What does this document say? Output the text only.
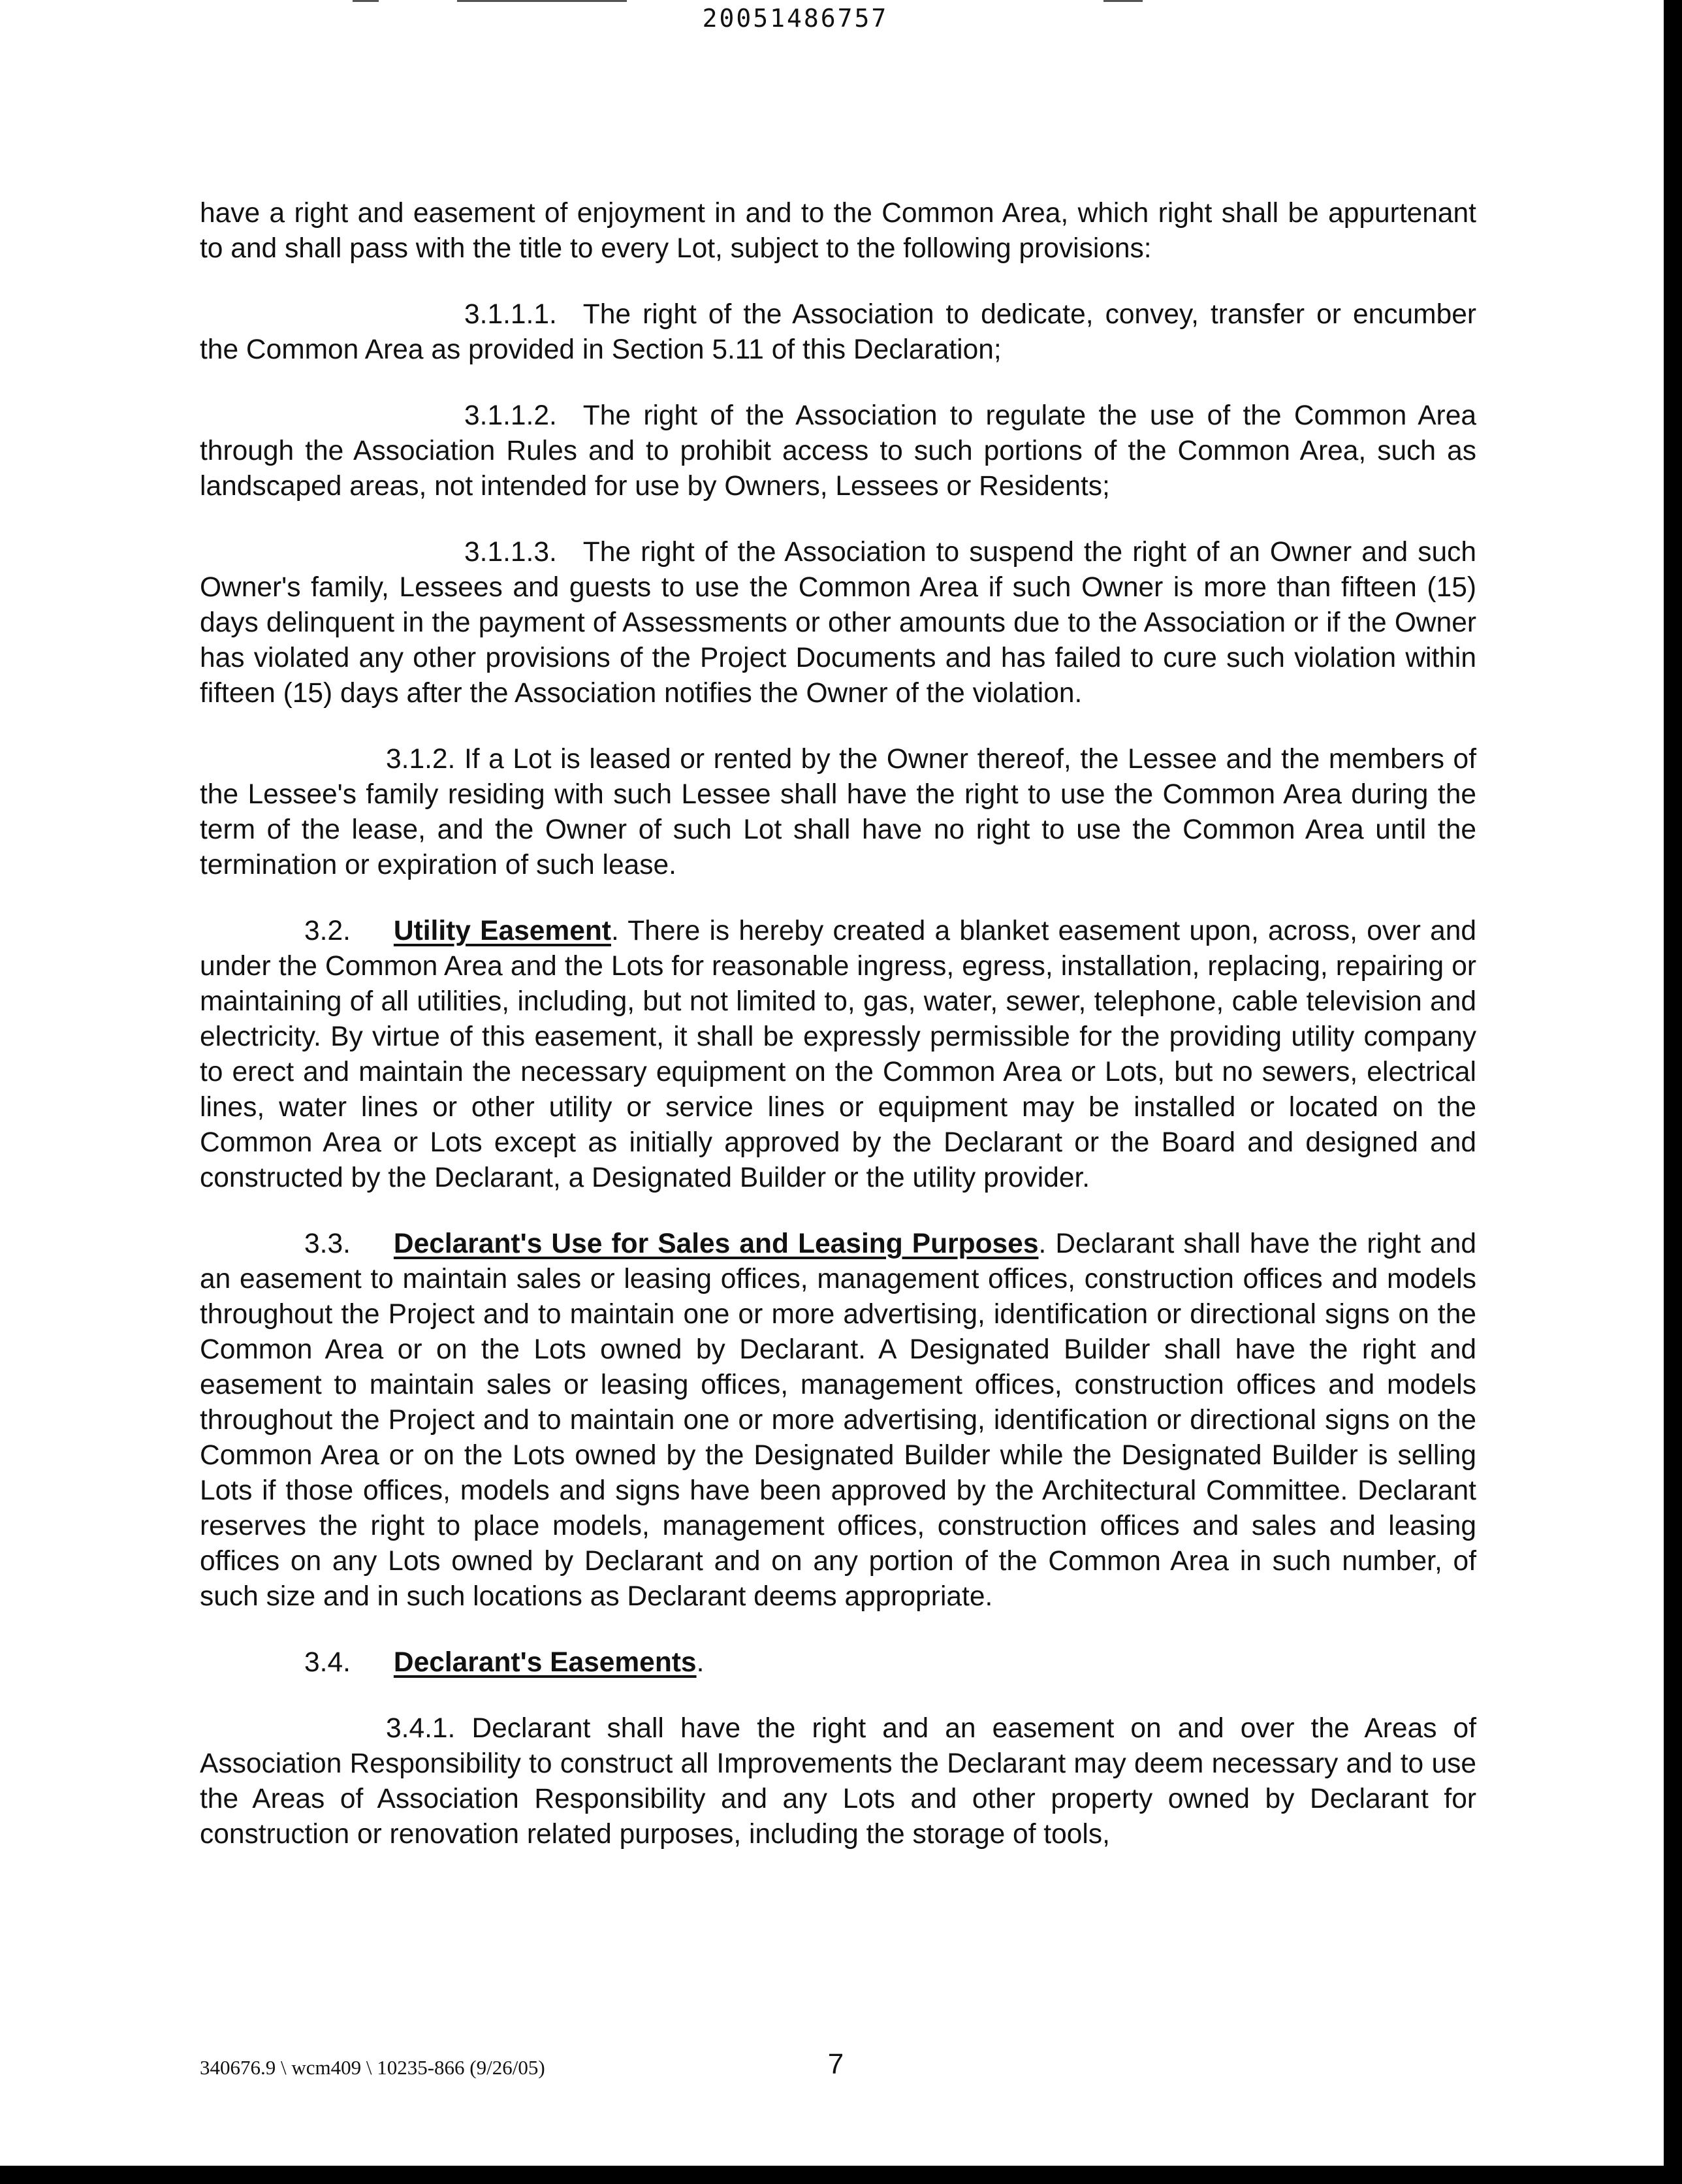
20051486757

have a right and easement of enjoyment in and to the Common Area, which right shall be appurtenant to and shall pass with the title to every Lot, subject to the following provisions:

3.1.1.1. The right of the Association to dedicate, convey, transfer or encumber the Common Area as provided in Section 5.11 of this Declaration;

3.1.1.2. The right of the Association to regulate the use of the Common Area through the Association Rules and to prohibit access to such portions of the Common Area, such as landscaped areas, not intended for use by Owners, Lessees or Residents;

3.1.1.3. The right of the Association to suspend the right of an Owner and such Owner's family, Lessees and guests to use the Common Area if such Owner is more than fifteen (15) days delinquent in the payment of Assessments or other amounts due to the Association or if the Owner has violated any other provisions of the Project Documents and has failed to cure such violation within fifteen (15) days after the Association notifies the Owner of the violation.

3.1.2. If a Lot is leased or rented by the Owner thereof, the Lessee and the members of the Lessee's family residing with such Lessee shall have the right to use the Common Area during the term of the lease, and the Owner of such Lot shall have no right to use the Common Area until the termination or expiration of such lease.

3.2. Utility Easement. There is hereby created a blanket easement upon, across, over and under the Common Area and the Lots for reasonable ingress, egress, installation, replacing, repairing or maintaining of all utilities, including, but not limited to, gas, water, sewer, telephone, cable television and electricity. By virtue of this easement, it shall be expressly permissible for the providing utility company to erect and maintain the necessary equipment on the Common Area or Lots, but no sewers, electrical lines, water lines or other utility or service lines or equipment may be installed or located on the Common Area or Lots except as initially approved by the Declarant or the Board and designed and constructed by the Declarant, a Designated Builder or the utility provider.

3.3. Declarant's Use for Sales and Leasing Purposes. Declarant shall have the right and an easement to maintain sales or leasing offices, management offices, construction offices and models throughout the Project and to maintain one or more advertising, identification or directional signs on the Common Area or on the Lots owned by Declarant. A Designated Builder shall have the right and easement to maintain sales or leasing offices, management offices, construction offices and models throughout the Project and to maintain one or more advertising, identification or directional signs on the Common Area or on the Lots owned by the Designated Builder while the Designated Builder is selling Lots if those offices, models and signs have been approved by the Architectural Committee. Declarant reserves the right to place models, management offices, construction offices and sales and leasing offices on any Lots owned by Declarant and on any portion of the Common Area in such number, of such size and in such locations as Declarant deems appropriate.

3.4. Declarant's Easements.

3.4.1. Declarant shall have the right and an easement on and over the Areas of Association Responsibility to construct all Improvements the Declarant may deem necessary and to use the Areas of Association Responsibility and any Lots and other property owned by Declarant for construction or renovation related purposes, including the storage of tools,

340676.9 \ wcm409 \ 10235-866 (9/26/05)	7
